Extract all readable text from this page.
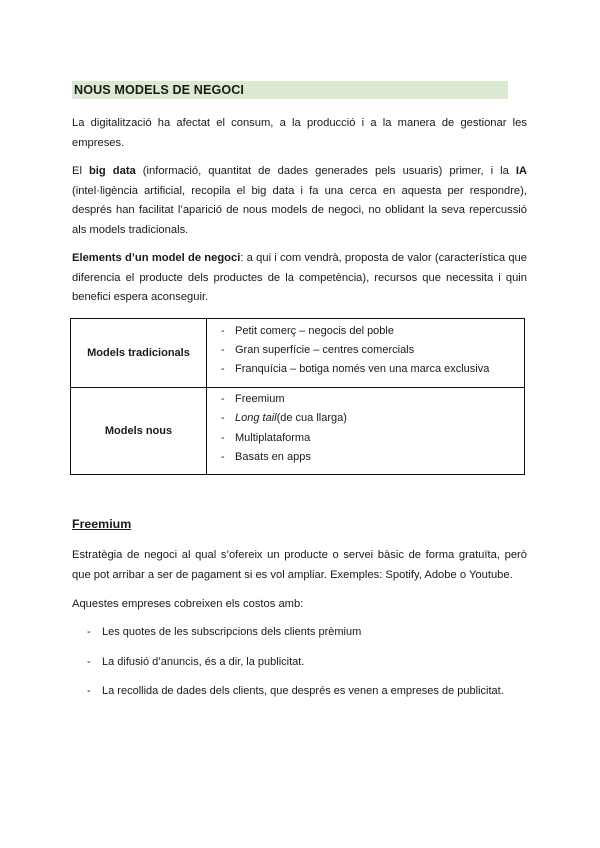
NOUS MODELS DE NEGOCI
La digitalització ha afectat el consum, a la producció i a la manera de gestionar les empreses.
El big data (informació, quantitat de dades generades pels usuaris) primer, i la IA (intel·ligència artificial, recopila el big data i fa una cerca en aquesta per respondre), després han facilitat l’aparició de nous models de negoci, no oblidant la seva repercussió als models tradicionals.
Elements d’un model de negoci: a qui i com vendrà, proposta de valor (característica que diferencia el producte dels productes de la competència), recursos que necessita i quin benefici espera aconseguir.
Models tradicionals
- Petit comerç – negocis del poble
- Gran superfície – centres comercials
- Franquícia – botiga només ven una marca exclusiva
Models nous
- Freemium
- Long tail(de cua llarga)
- Multiplataforma
- Basats en apps
Freemium
Estratègia de negoci al qual s’ofereix un producte o servei bàsic de forma gratuïta, però que pot arribar a ser de pagament si es vol ampliar. Exemples: Spotify, Adobe o Youtube.
Aquestes empreses cobreixen els costos amb:
- Les quotes de les subscripcions dels clients prèmium
- La difusió d’anuncis, és a dir, la publicitat.
- La recollida de dades dels clients, que després es venen a empreses de publicitat.
